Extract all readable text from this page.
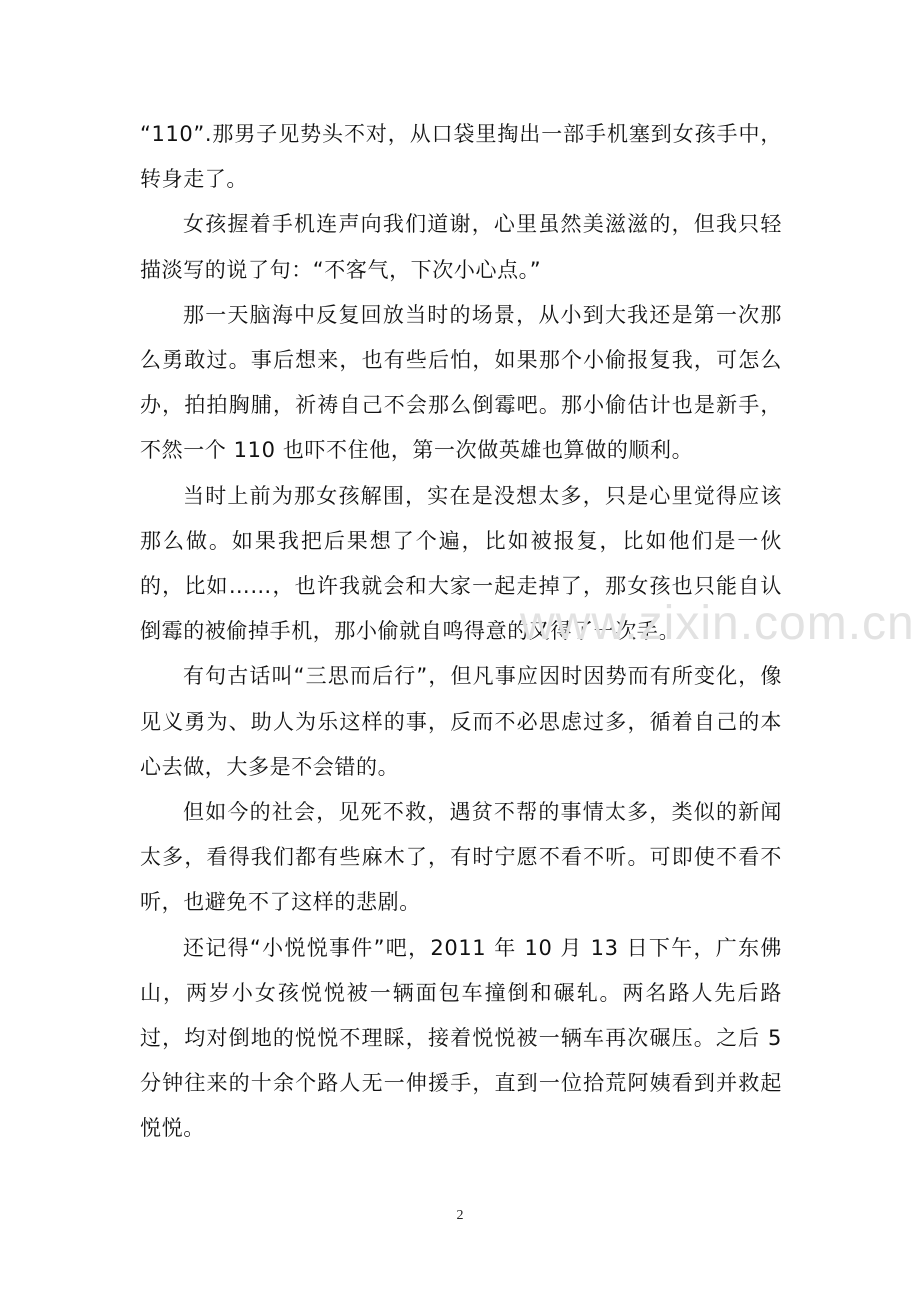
“110”.那男子见势头不对，从口袋里掏出一部手机塞到女孩手中，转身走了。

女孩握着手机连声向我们道谢，心里虽然美滋滋的，但我只轻描淡写的说了句：“不客气，下次小心点。”

那一天脑海中反复回放当时的场景，从小到大我还是第一次那么勇敢过。事后想来，也有些后怕，如果那个小偷报复我，可怎么办，拍拍胸脯，祈祷自己不会那么倒霉吧。那小偷估计也是新手，不然一个 110 也吓不住他，第一次做英雄也算做的顺利。

当时上前为那女孩解围，实在是没想太多，只是心里觉得应该那么做。如果我把后果想了个遍，比如被报复，比如他们是一伙的，比如……，也许我就会和大家一起走掉了，那女孩也只能自认倒霉的被偷掉手机，那小偷就自鸣得意的又得了一次手。

有句古话叫“三思而后行”，但凡事应因时因势而有所变化，像见义勇为、助人为乐这样的事，反而不必思虑过多，循着自己的本心去做，大多是不会错的。

但如今的社会，见死不救，遇贫不帮的事情太多，类似的新闻太多，看得我们都有些麻木了，有时宁愿不看不听。可即使不看不听，也避免不了这样的悲剧。

还记得“小悦悦事件”吧，2011 年 10 月 13 日下午，广东佛山，两岁小女孩悦悦被一辆面包车撞倒和碾轧。两名路人先后路过，均对倒地的悦悦不理睬，接着悦悦被一辆车再次碾压。之后 5 分钟往来的十余个路人无一伸援手，直到一位拾荒阿姨看到并救起悦悦。

www.zixin.com.cn
2
